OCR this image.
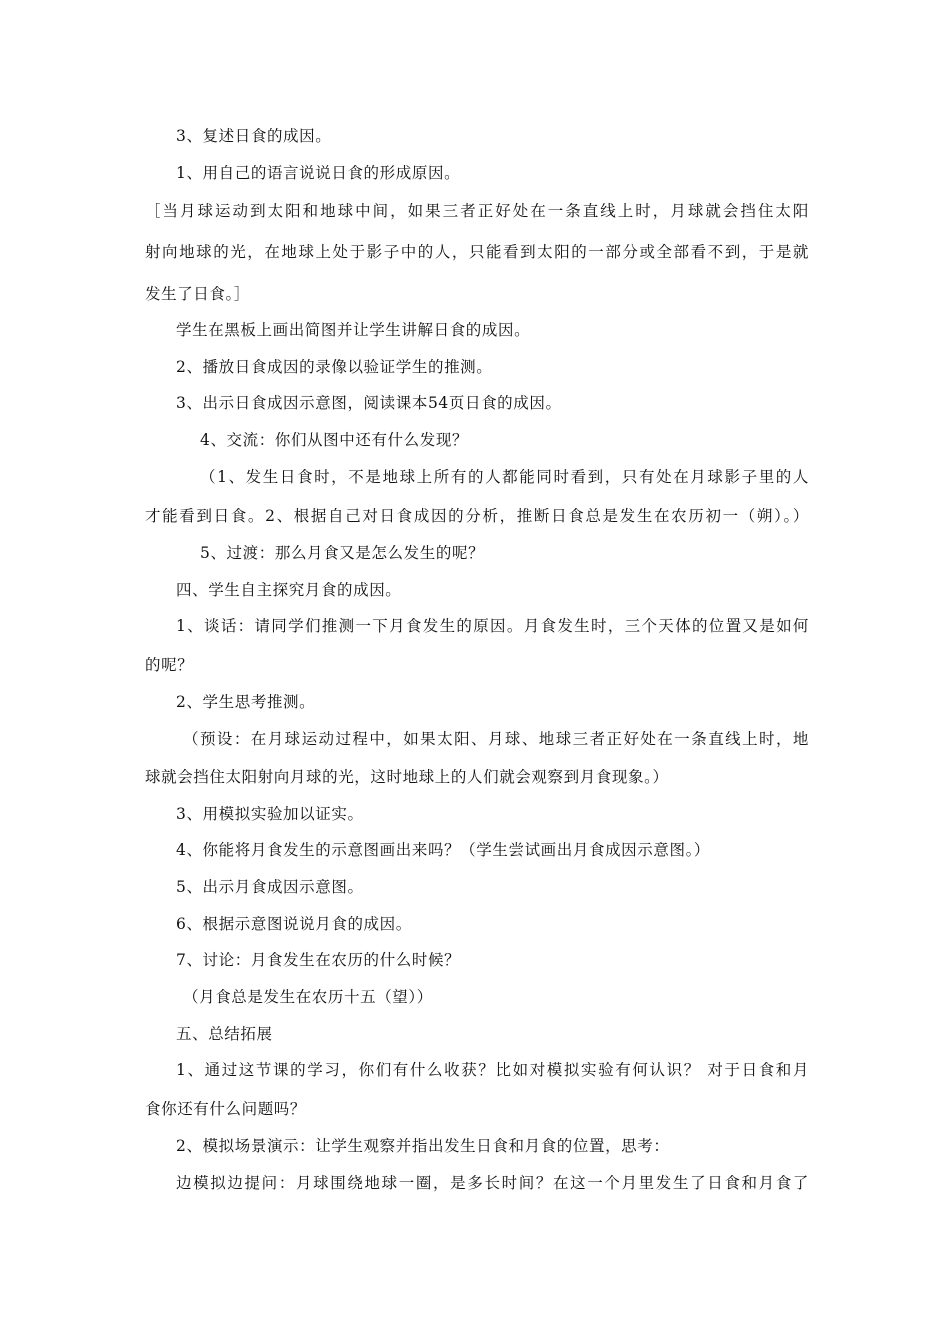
3、复述日食的成因。
1、用自己的语言说说日食的形成原因。
［当月球运动到太阳和地球中间，如果三者正好处在一条直线上时，月球就会挡住太阳
射向地球的光，在地球上处于影子中的人，只能看到太阳的一部分或全部看不到，于是就
发生了日食。］
学生在黑板上画出简图并让学生讲解日食的成因。
2、播放日食成因的录像以验证学生的推测。
3、出示日食成因示意图，阅读课本54页日食的成因。
4、交流：你们从图中还有什么发现？
（1、发生日食时，不是地球上所有的人都能同时看到，只有处在月球影子里的人
才能看到日食。2、根据自己对日食成因的分析，推断日食总是发生在农历初一（朔）。）
5、过渡：那么月食又是怎么发生的呢？
四、学生自主探究月食的成因。
1、谈话：请同学们推测一下月食发生的原因。月食发生时，三个天体的位置又是如何
的呢？
2、学生思考推测。
（预设：在月球运动过程中，如果太阳、月球、地球三者正好处在一条直线上时，地
球就会挡住太阳射向月球的光，这时地球上的人们就会观察到月食现象。）
3、用模拟实验加以证实。
4、你能将月食发生的示意图画出来吗？（学生尝试画出月食成因示意图。）
5、出示月食成因示意图。
6、根据示意图说说月食的成因。
7、讨论：月食发生在农历的什么时候？
（月食总是发生在农历十五（望））
五、总结拓展
1、通过这节课的学习，你们有什么收获？比如对模拟实验有何认识？ 对于日食和月
食你还有什么问题吗？
2、模拟场景演示：让学生观察并指出发生日食和月食的位置，思考：
边模拟边提问：月球围绕地球一圈，是多长时间？在这一个月里发生了日食和月食了
